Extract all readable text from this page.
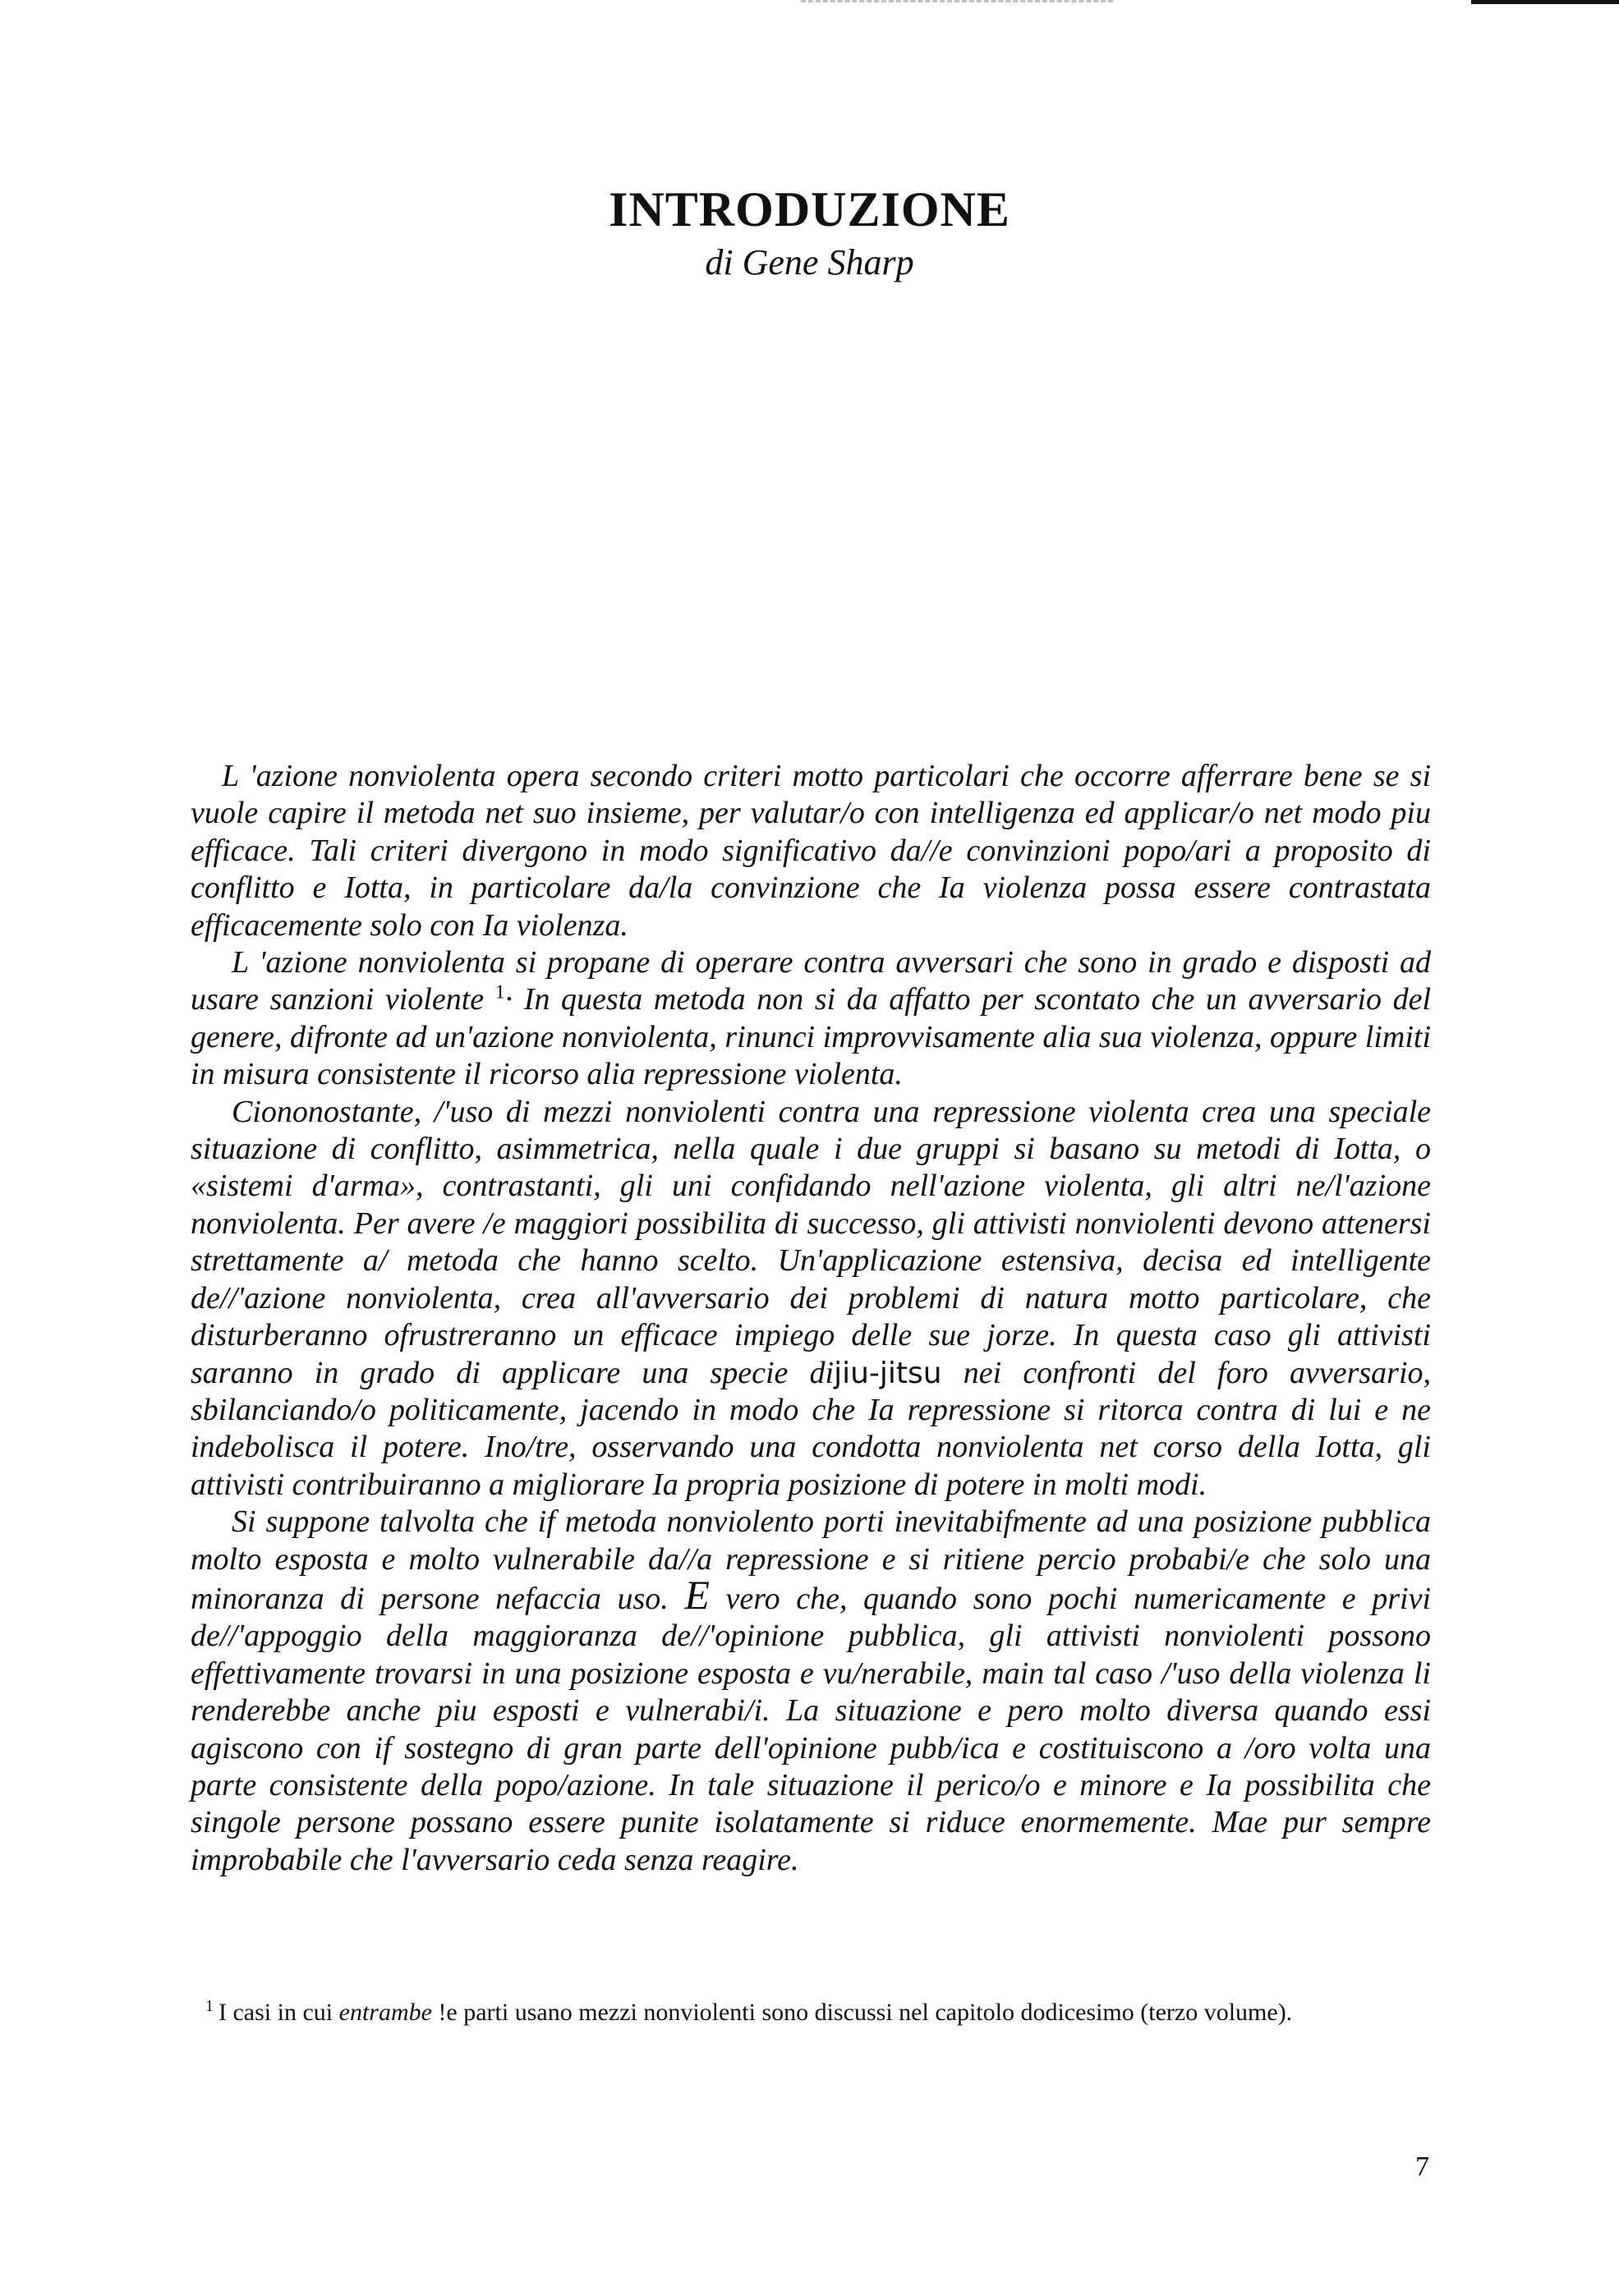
INTRODUZIONE

di Gene Sharp

L 'azione nonviolenta opera secondo criteri motto particolari che occorre afferrare bene se si vuole capire il metoda net suo insieme, per valutar/o con intelligenza ed applicar/o net modo piu efficace. Tali criteri divergono in modo significativo da//e convinzioni popo/ari a proposito di conflitto e Iotta, in particolare da/la convinzione che Ia violenza possa essere contrastata efficacemente solo con Ia violenza.

L 'azione nonviolenta si propane di operare contra avversari che sono in grado e disposti ad usare sanzioni violente $^1$· In questa metoda non si da affatto per scontato che un avversario del genere, difronte ad un'azione nonviolenta, rinunci improvvisamente alia sua violenza, oppure limiti in misura consistente il ricorso alia repressione violenta.

Ciononostante, /'uso di mezzi nonviolenti contra una repressione violenta crea una speciale situazione di conflitto, asimmetrica, nella quale i due gruppi si basano su metodi di Iotta, o «sistemi d'arma», contrastanti, gli uni confidando nell'azione violenta, gli altri ne/l'azione nonviolenta. Per avere /e maggiori possibilita di successo, gli attivisti nonviolenti devono attenersi strettamente a/ metoda che hanno scelto. Un'applicazione estensiva, decisa ed intelligente de//'azione nonviolenta, crea all'avversario dei problemi di natura motto particolare, che disturberanno ofrustreranno un efficace impiego delle sue jorze. In questa caso gli attivisti saranno in grado di applicare una specie dijiu-jitsu nei confronti del foro avversario, sbilanciando/o politicamente, jacendo in modo che Ia repressione si ritorca contra di lui e ne indebolisca il potere. Ino/tre, osservando una condotta nonviolenta net corso della Iotta, gli attivisti contribuiranno a migliorare Ia propria posizione di potere in molti modi.

Si suppone talvolta che if metoda nonviolento porti inevitabifmente ad una posizione pubblica molto esposta e molto vulnerabile da//a repressione e si ritiene percio probabi/e che solo una minoranza di persone nefaccia uso. E vero che, quando sono pochi numericamente e privi de//'appoggio della maggioranza de//'opinione pubblica, gli attivisti nonviolenti possono effettivamente trovarsi in una posizione esposta e vu/nerabile, main tal caso /'uso della violenza li renderebbe anche piu esposti e vulnerabi/i. La situazione e pero molto diversa quando essi agiscono con if sostegno di gran parte dell'opinione pubb/ica e costituiscono a /oro volta una parte consistente della popo/azione. In tale situazione il perico/o e minore e Ia possibilita che singole persone possano essere punite isolatamente si riduce enormemente. Mae pur sempre improbabile che l'avversario ceda senza reagire.

$^1$ I casi in cui entrambe !e parti usano mezzi nonviolenti sono discussi nel capitolo dodicesimo (terzo volume).
7
